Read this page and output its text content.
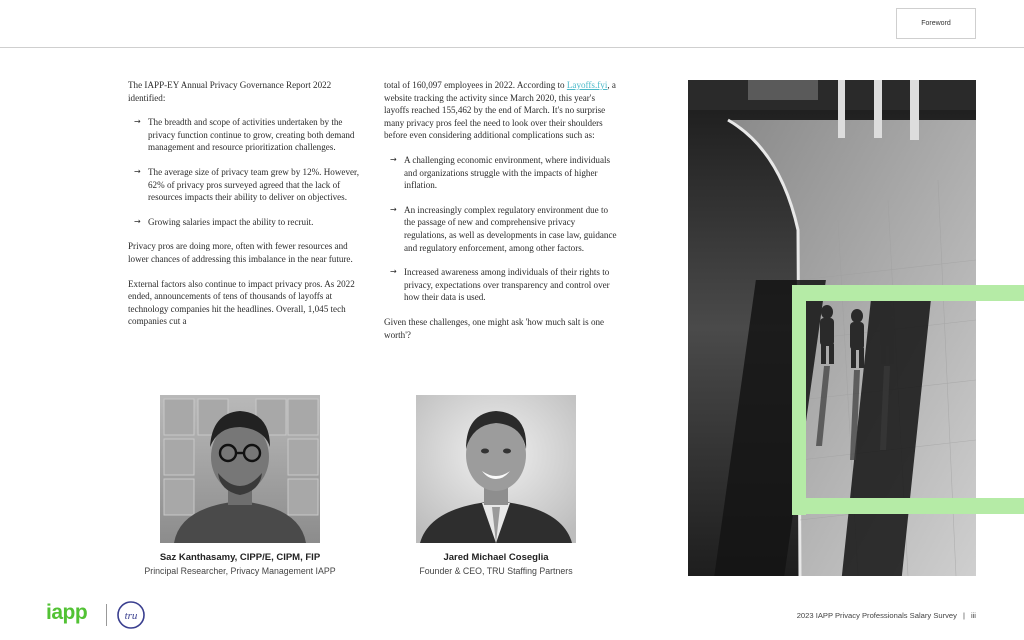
Foreword

The IAPP-EY Annual Privacy Governance Report 2022 identified:

→ The breadth and scope of activities undertaken by the privacy function continue to grow, creating both demand management and resource prioritization challenges.
→ The average size of privacy team grew by 12%. However, 62% of privacy pros surveyed agreed that the lack of resources impacts their ability to deliver on objectives.
→ Growing salaries impact the ability to recruit.

Privacy pros are doing more, often with fewer resources and lower chances of addressing this imbalance in the near future.

External factors also continue to impact privacy pros. As 2022 ended, announcements of tens of thousands of layoffs at technology companies hit the headlines. Overall, 1,045 tech companies cut a

total of 160,097 employees in 2022. According to Layoffs.fyi, a website tracking the activity since March 2020, this year's layoffs reached 155,462 by the end of March. It's no surprise many privacy pros feel the need to look over their shoulders before even considering additional complications such as:

→ A challenging economic environment, where individuals and organizations struggle with the impacts of higher inflation.
→ An increasingly complex regulatory environment due to the passage of new and comprehensive privacy regulations, as well as developments in case law, guidance and regulatory enforcement, among other factors.
→ Increased awareness among individuals of their rights to privacy, expectations over transparency and control over how their data is used.

Given these challenges, one might ask 'how much salt is one worth'?

Saz Kanthasamy, CIPP/E, CIPM, FIP
Principal Researcher, Privacy Management IAPP
Jared Michael Coseglia
Founder & CEO, TRU Staffing Partners
iapp	tru	2023 IAPP Privacy Professionals Salary Survey | iii
